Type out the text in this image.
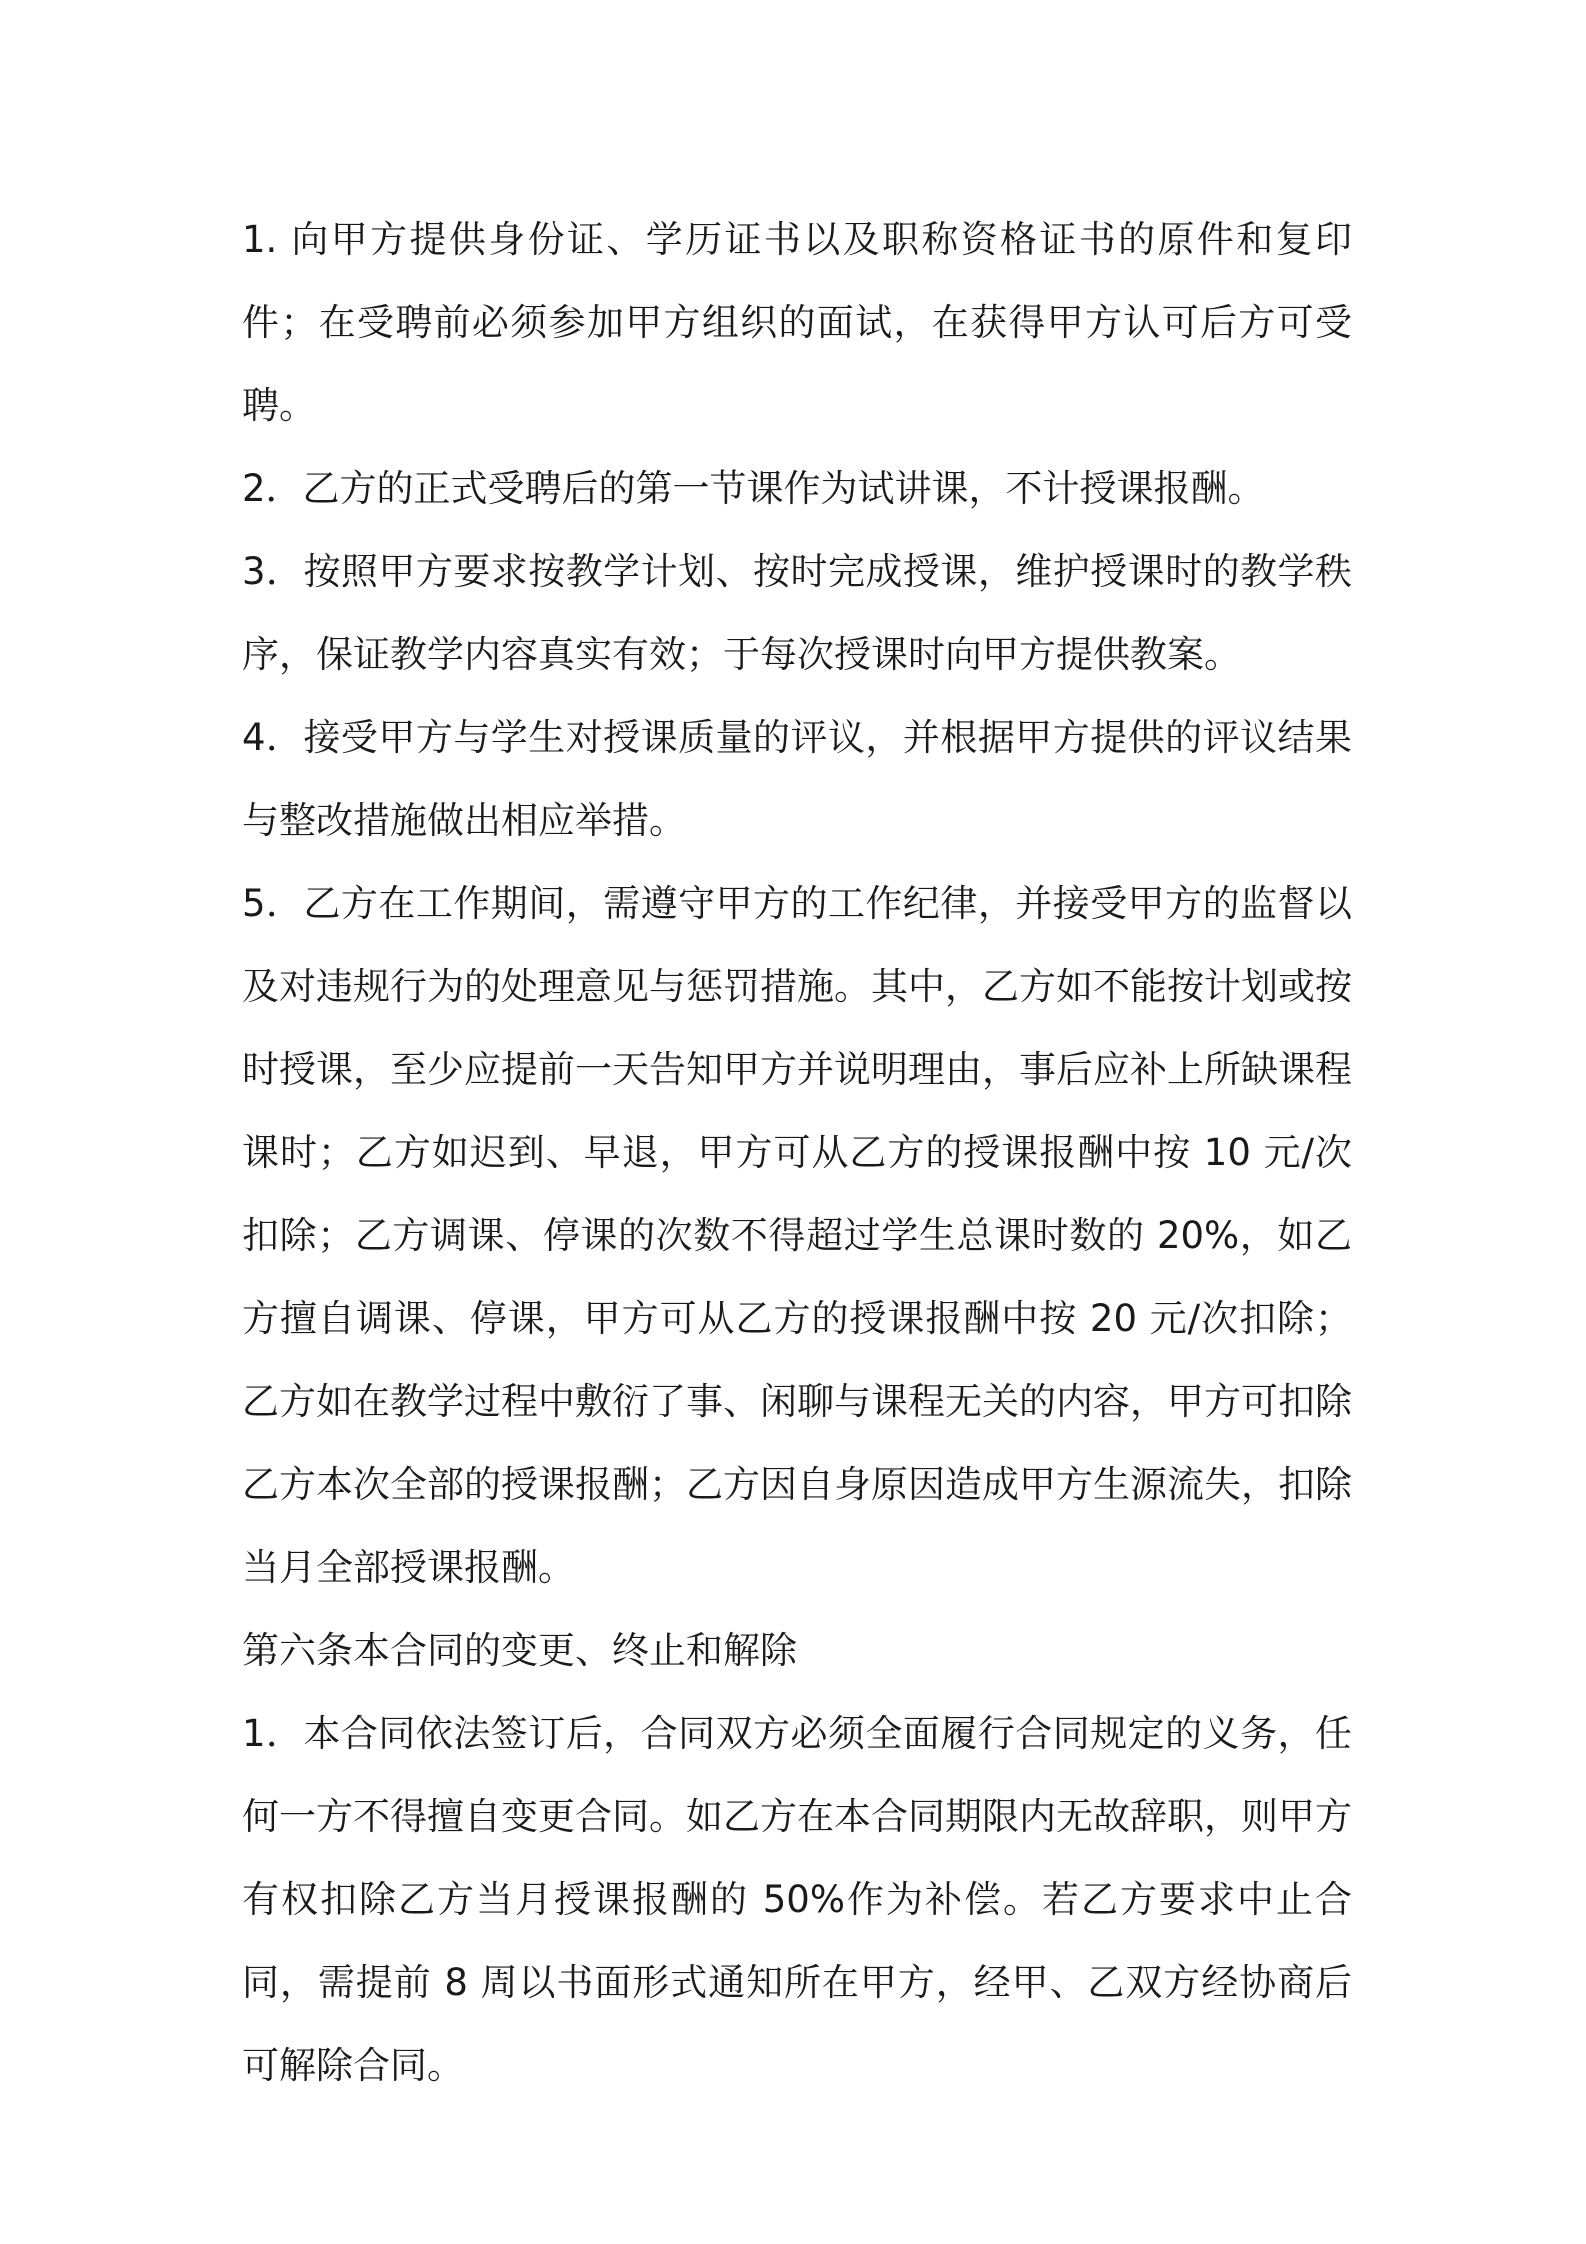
1. 向甲方提供身份证、学历证书以及职称资格证书的原件和复印件；在受聘前必须参加甲方组织的面试，在获得甲方认可后方可受聘。

2．乙方的正式受聘后的第一节课作为试讲课，不计授课报酬。

3．按照甲方要求按教学计划、按时完成授课，维护授课时的教学秩序，保证教学内容真实有效；于每次授课时向甲方提供教案。

4．接受甲方与学生对授课质量的评议，并根据甲方提供的评议结果与整改措施做出相应举措。

5．乙方在工作期间，需遵守甲方的工作纪律，并接受甲方的监督以及对违规行为的处理意见与惩罚措施。其中，乙方如不能按计划或按时授课，至少应提前一天告知甲方并说明理由，事后应补上所缺课程课时；乙方如迟到、早退，甲方可从乙方的授课报酬中按 10 元/次扣除；乙方调课、停课的次数不得超过学生总课时数的 20%，如乙方擅自调课、停课，甲方可从乙方的授课报酬中按 20 元/次扣除；乙方如在教学过程中敷衍了事、闲聊与课程无关的内容，甲方可扣除乙方本次全部的授课报酬；乙方因自身原因造成甲方生源流失，扣除当月全部授课报酬。

第六条本合同的变更、终止和解除

1．本合同依法签订后，合同双方必须全面履行合同规定的义务，任何一方不得擅自变更合同。如乙方在本合同期限内无故辞职，则甲方有权扣除乙方当月授课报酬的 50%作为补偿。若乙方要求中止合同，需提前 8 周以书面形式通知所在甲方，经甲、乙双方经协商后可解除合同。
